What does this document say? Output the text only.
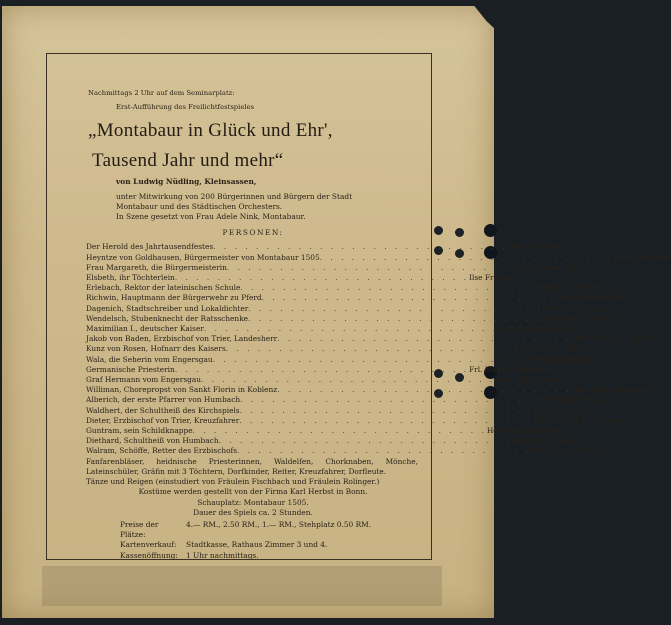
Nachmittags 2 Uhr auf dem Seminarplatz:
Erst-Aufführung des Freilichtfestspieles
„Montabaur in Glück und Ehr',
Tausend Jahr und mehr“
von Ludwig Nüdling, Kleinsassen,
unter Mitwirkung von 200 Bürgerinnen und Bürgern der Stadt
Montabaur und des Städtischen Orchesters.
In Szene gesetzt von Frau Adele Nink, Montabaur.
PERSONEN:
Der Herold des Jahrtausendfestes . . . . . . . . . . . . . . . . . . . . . . . . . . . . Herr Josef Jung
Heyntze von Goldhausen, Bürgermeister von Montabaur 1505 . . . . . . . . . . . . . . . . . . . . . . . . . . . . Herr Jean Nink
Frau Margareth, die Bürgermeisterin . . . . . . . . . . . . . . . . . . . . . . . . . . . . Frau Adele Nink
Elsbeth, ihr Töchterlein . . . . . . . . . . . . . . . . . . . . . . . . . . . . Ilse Freytag
Erlebach, Rektor der lateinischen Schule . . . . . . . . . . . . . . . . . . . . . . . . . . . . Herr Karl Säuberlich
Richwin, Hauptmann der Bürgerwehr zu Pferd . . . . . . . . . . . . . . . . . . . . . . . . . . . . Herr Wilhelm Orth
Dagenich, Stadtschreiber und Lokaldichter . . . . . . . . . . . . . . . . . . . . . . . . . . . . Herr Otto Wagner
Wendelsch, Stubenknecht der Ratsschenke . . . . . . . . . . . . . . . . . . . . . . . . . . . . Herr Josef Schickiert
Maximilian I., deutscher Kaiser . . . . . . . . . . . . . . . . . . . . . . . . . . . . Herr August Kunst
Jakob von Baden, Erzbischof von Trier, Landesherr . . . . . . . . . . . . . . . . . . . . . . . . . . . . Herr Arnold Schneider
Kunz von Rosen, Hofnarr des Kaisers . . . . . . . . . . . . . . . . . . . . . . . . . . . . Herr Adolf Pohler
Wala, die Seherin vom Engersgau . . . . . . . . . . . . . . . . . . . . . . . . . . . . Frl. Gertrud Hoffmann
Germanische Priesterin . . . . . . . . . . . . . . . . . . . . . . . . . . . . Frl. Maria Schlemmer
Graf Hermann vom Engersgau . . . . . . . . . . . . . . . . . . . . . . . . . . . . Herr Willi Paulus
Williman, Chorepropst von Sankt Florin in Koblenz . . . . . . . . . . . . . . . . . . . . . . . . . . . . Herr Karl Schlemmer
Alberich, der erste Pfarrer von Humbach . . . . . . . . . . . . . . . . . . . . . . . . . . . . Herr Hans Klering
Waldhert, der Schultheiß des Kirchspiels . . . . . . . . . . . . . . . . . . . . . . . . . . . . Herr Otto Sons
Dieter, Erzbischof von Trier, Kreuzfahrer . . . . . . . . . . . . . . . . . . . . . . . . . . . . Herr Heinrich Quirmbach
Guntram, sein Schildknappe . . . . . . . . . . . . . . . . . . . . . . . . . . . . Herr Paul Kreuzberg
Diethard, Schultheiß von Humbach . . . . . . . . . . . . . . . . . . . . . . . . . . . . Herr Josef Lenait
Walram, Schöffe, Retter des Erzbischofs . . . . . . . . . . . . . . . . . . . . . . . . . . . . Herr Josef Hannappel
Fanfarenbläser, heidnische Priesterinnen, Waldelfen, Chorknaben, Mönche, Lateinschüler, Gräfin mit 3 Töchtern, Dorfkinder, Reiter, Kreuzfahrer, Dorfleute.
Tänze und Reigen (einstudiert von Fräulein Fischbach und Fräulein Rolinger.)
Kostüme werden gestellt von der Firma Karl Herbst in Bonn.
Schauplatz: Montabaur 1505.
Dauer des Spiels ca. 2 Stunden.
Preise der Plätze:
4.— RM., 2.50 RM., 1.— RM., Stehplatz 0.50 RM.
Kartenverkauf:	Stadtkasse, Rathaus Zimmer 3 und 4.
Kassenöffnung:	1 Uhr nachmittags.
